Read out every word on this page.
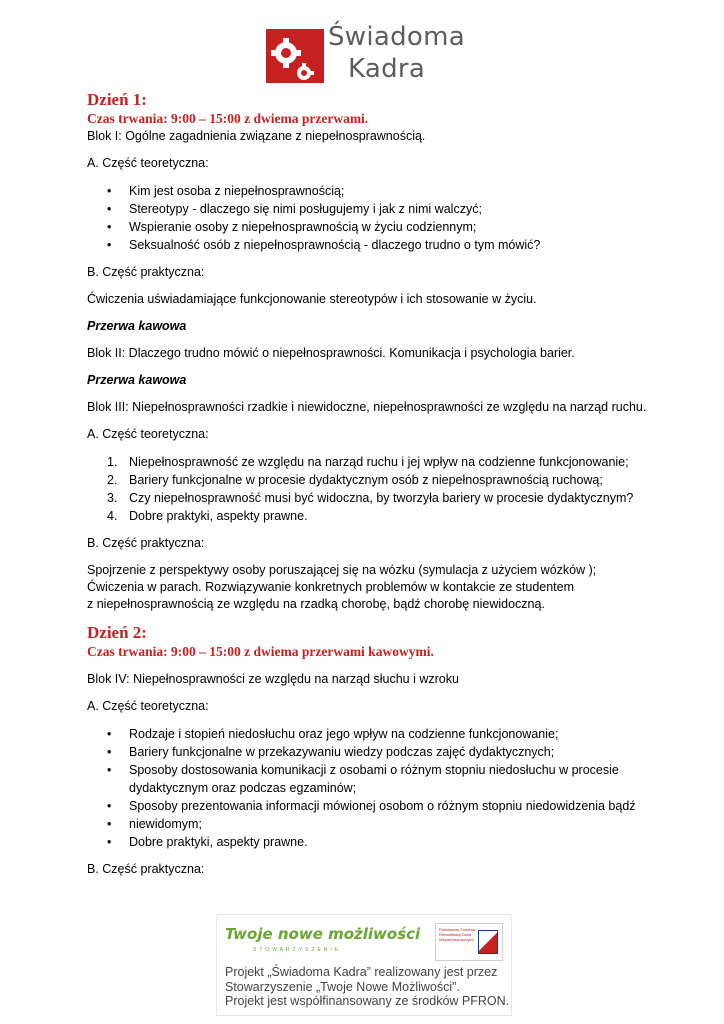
Świadoma
Kadra

Dzień 1:

Czas trwania: 9:00 – 15:00 z dwiema przerwami.

Blok I: Ogólne zagadnienia związane z niepełnosprawnością.

A. Część teoretyczna:

• Kim jest osoba z niepełnosprawnością;
• Stereotypy - dlaczego się nimi posługujemy i jak z nimi walczyć;
• Wspieranie osoby z niepełnosprawnością w życiu codziennym;
• Seksualność osób z niepełnosprawnością - dlaczego trudno o tym mówić?

B. Część praktyczna:

Ćwiczenia uświadamiające funkcjonowanie stereotypów i ich stosowanie w życiu.

Przerwa kawowa

Blok II: Dlaczego trudno mówić o niepełnosprawności. Komunikacja i psychologia barier.

Przerwa kawowa

Blok III: Niepełnosprawności rzadkie i niewidoczne, niepełnosprawności ze względu na narząd ruchu.

A. Część teoretyczna:

1. Niepełnosprawność ze względu na narząd ruchu i jej wpływ na codzienne funkcjonowanie;
2. Bariery funkcjonalne w procesie dydaktycznym osób z niepełnosprawnością ruchową;
3. Czy niepełnosprawność musi być widoczna, by tworzyła bariery w procesie dydaktycznym?
4. Dobre praktyki, aspekty prawne.

B. Część praktyczna:

Spojrzenie z perspektywy osoby poruszającej się na wózku (symulacja z użyciem wózków );

Ćwiczenia w parach. Rozwiązywanie konkretnych problemów w kontakcie ze studentem

z niepełnosprawnością ze względu na rzadką chorobę, bądź chorobę niewidoczną.

Dzień 2:

Czas trwania: 9:00 – 15:00 z dwiema przerwami kawowymi.

Blok IV: Niepełnosprawności ze względu na narząd słuchu i wzroku

A. Część teoretyczna:

• Rodzaje i stopień niedosłuchu oraz jego wpływ na codzienne funkcjonowanie;
• Bariery funkcjonalne w przekazywaniu wiedzy podczas zajęć dydaktycznych;
• Sposoby dostosowania komunikacji z osobami o różnym stopniu niedosłuchu w procesie dydaktycznym oraz podczas egzaminów;
• Sposoby prezentowania informacji mówionej osobom o różnym stopniu niedowidzenia bądź
• niewidomym;
• Dobre praktyki, aspekty prawne.

B. Część praktyczna:

Twoje nowe możliwości
STOWARZYSZENIE
Państwowy Fundusz Rehabilitacji Osób Niepełnosprawnych
Projekt „Świadoma Kadra” realizowany jest przez
Stowarzyszenie „Twoje Nowe Możliwości”.
Projekt jest współfinansowany ze środków PFRON.
